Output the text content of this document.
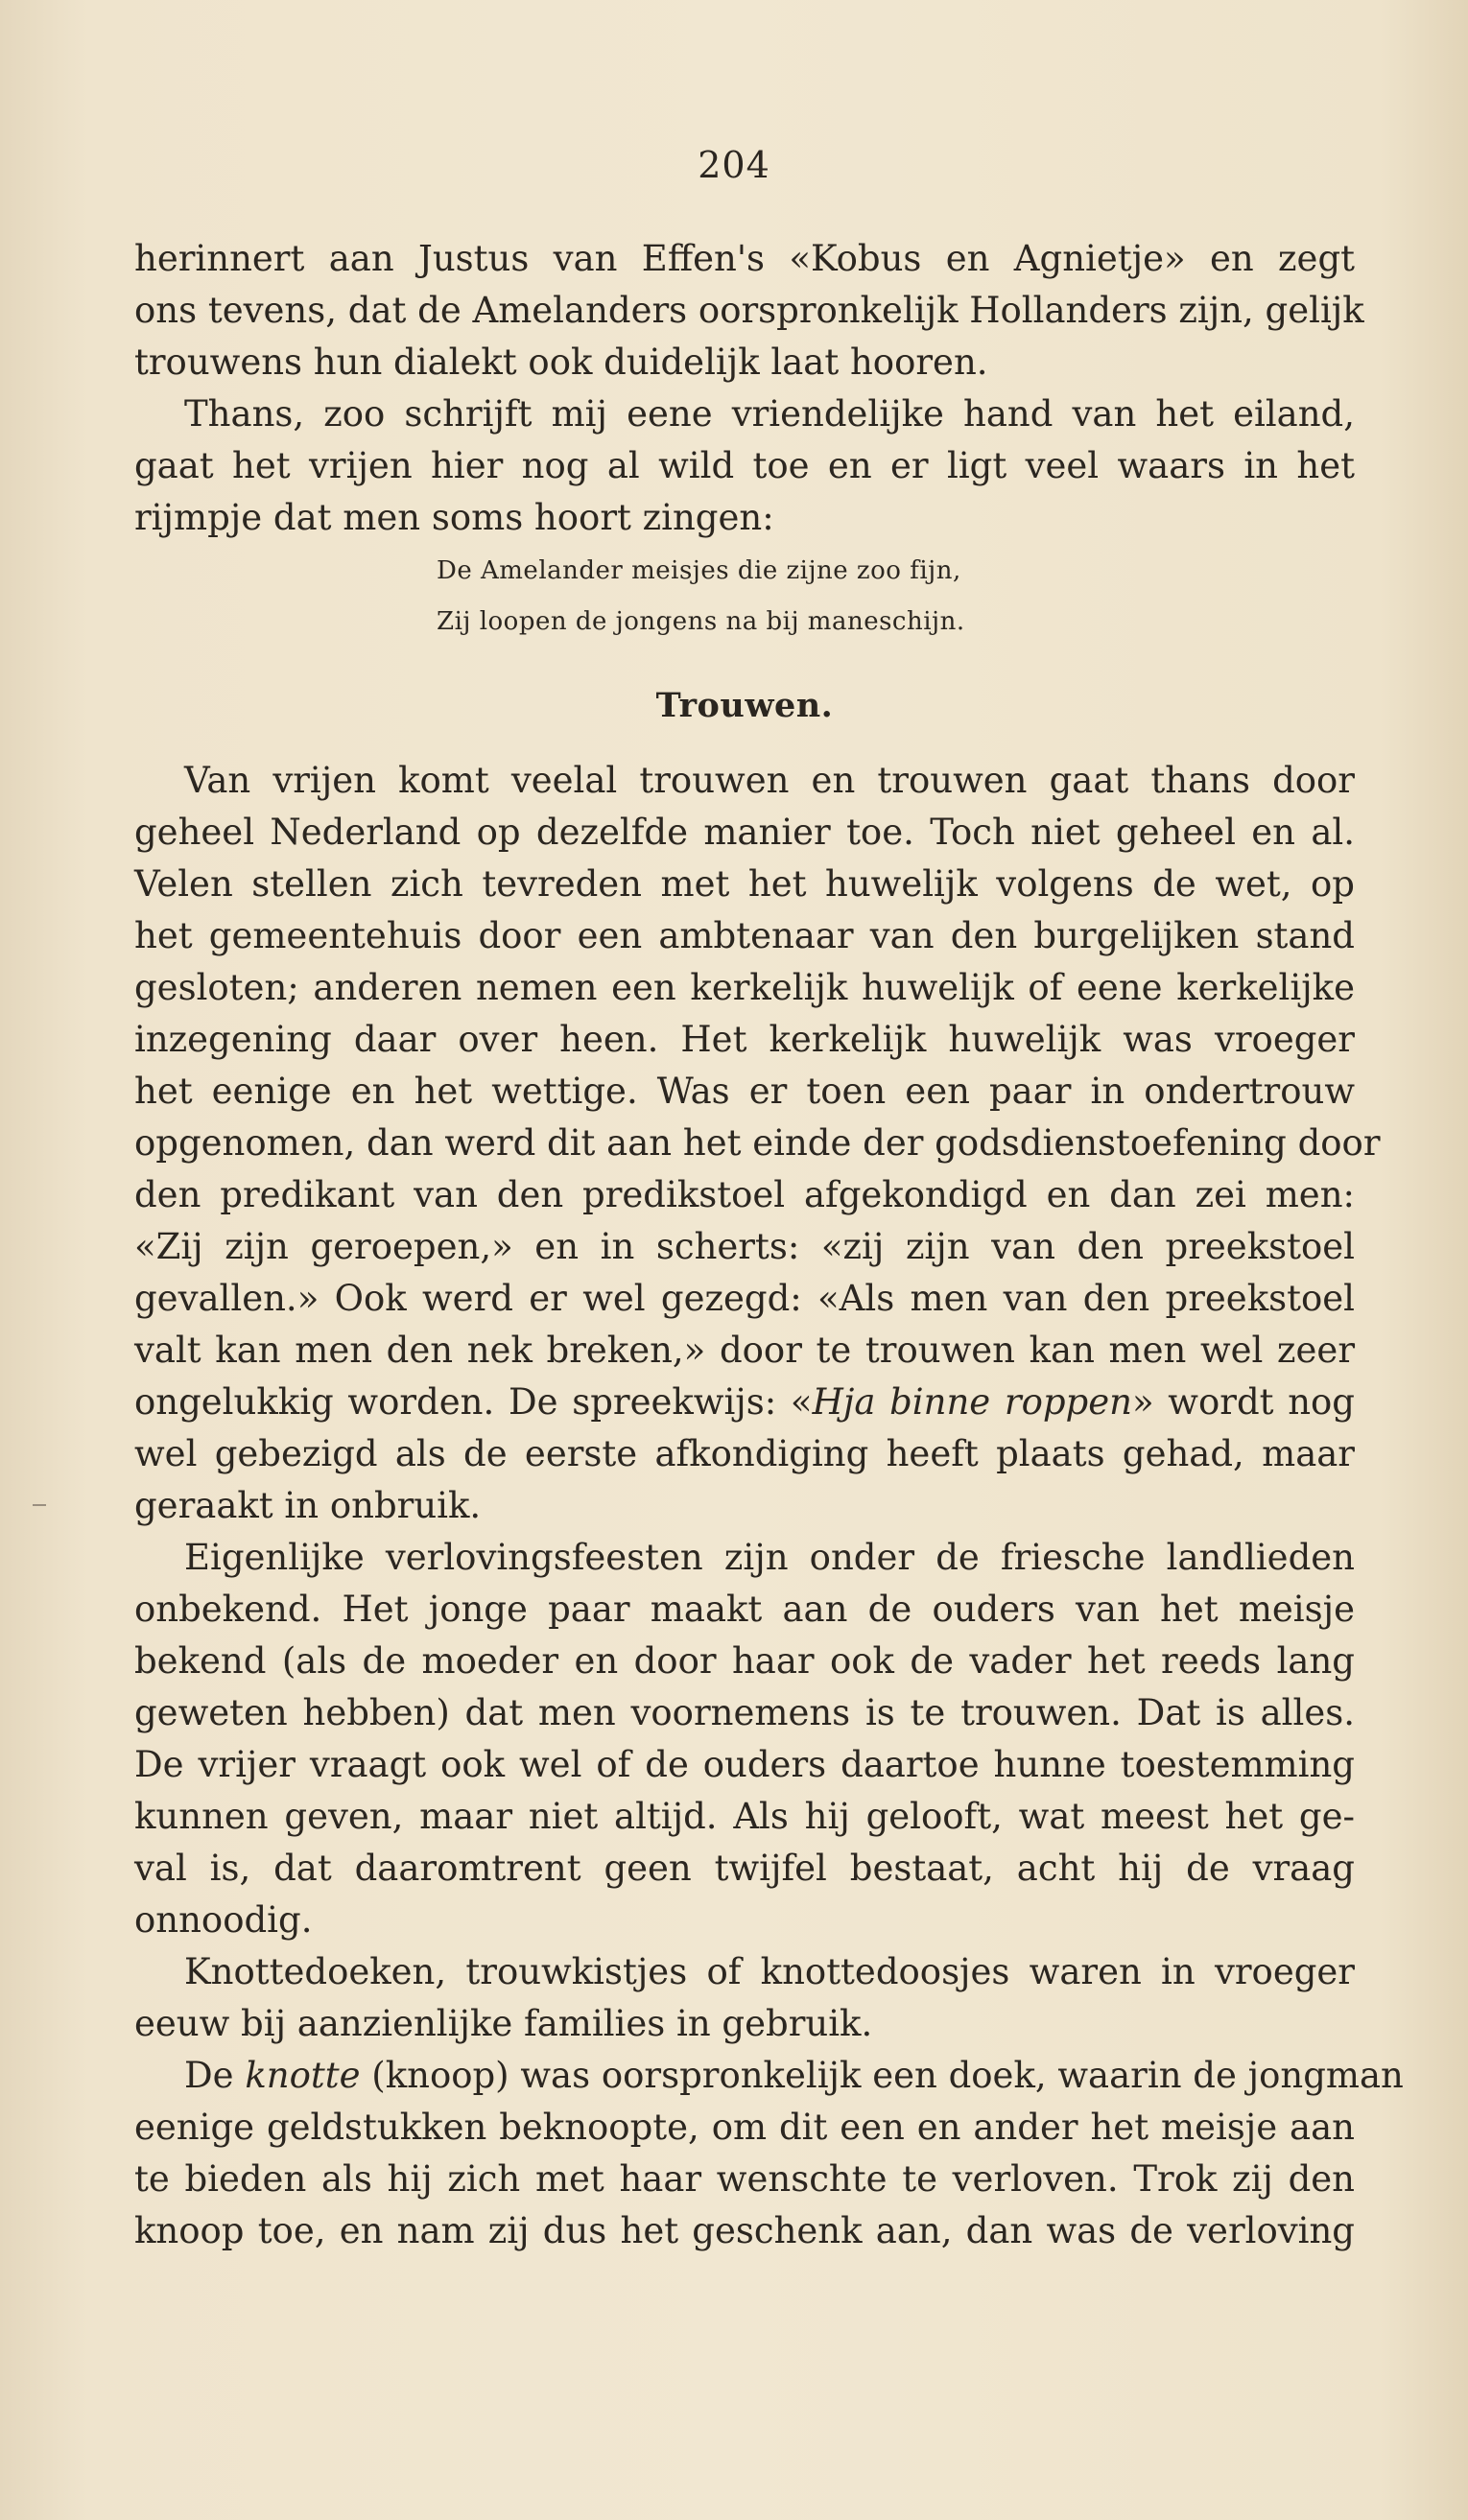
204
herinnert aan Justus van Effen's «Kobus en Agnietje» en zegt
ons tevens, dat de Amelanders oorspronkelijk Hollanders zijn, gelijk
trouwens hun dialekt ook duidelijk laat hooren.
Thans, zoo schrijft mij eene vriendelijke hand van het eiland,
gaat het vrijen hier nog al wild toe en er ligt veel waars in het
rijmpje dat men soms hoort zingen:
De Amelander meisjes die zijne zoo fijn,
Zij loopen de jongens na bij maneschijn.
Trouwen.
Van vrijen komt veelal trouwen en trouwen gaat thans door
geheel Nederland op dezelfde manier toe. Toch niet geheel en al.
Velen stellen zich tevreden met het huwelijk volgens de wet, op
het gemeentehuis door een ambtenaar van den burgelijken stand
gesloten; anderen nemen een kerkelijk huwelijk of eene kerkelijke
inzegening daar over heen. Het kerkelijk huwelijk was vroeger
het eenige en het wettige. Was er toen een paar in ondertrouw
opgenomen, dan werd dit aan het einde der godsdienstoefening door
den predikant van den predikstoel afgekondigd en dan zei men:
«Zij zijn geroepen,» en in scherts: «zij zijn van den preekstoel
gevallen.» Ook werd er wel gezegd: «Als men van den preekstoel
valt kan men den nek breken,» door te trouwen kan men wel zeer
ongelukkig worden. De spreekwijs: «Hja binne roppen» wordt nog
wel gebezigd als de eerste afkondiging heeft plaats gehad, maar
geraakt in onbruik.
Eigenlijke verlovingsfeesten zijn onder de friesche landlieden
onbekend. Het jonge paar maakt aan de ouders van het meisje
bekend (als de moeder en door haar ook de vader het reeds lang
geweten hebben) dat men voornemens is te trouwen. Dat is alles.
De vrijer vraagt ook wel of de ouders daartoe hunne toestemming
kunnen geven, maar niet altijd. Als hij gelooft, wat meest het ge-
val is, dat daaromtrent geen twijfel bestaat, acht hij de vraag
onnoodig.
Knottedoeken, trouwkistjes of knottedoosjes waren in vroeger
eeuw bij aanzienlijke families in gebruik.
De knotte (knoop) was oorspronkelijk een doek, waarin de jongman
eenige geldstukken beknoopte, om dit een en ander het meisje aan
te bieden als hij zich met haar wenschte te verloven. Trok zij den
knoop toe, en nam zij dus het geschenk aan, dan was de verloving
